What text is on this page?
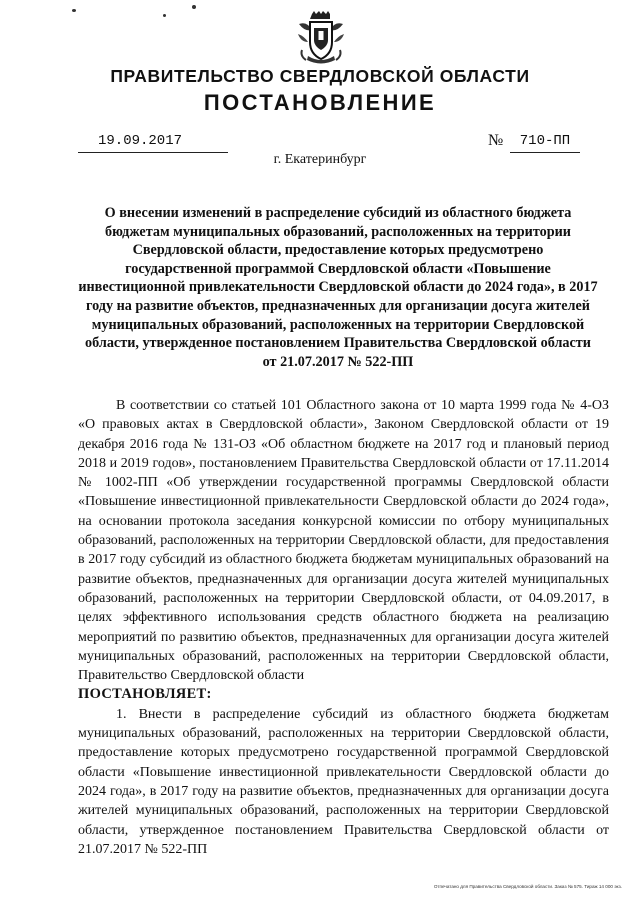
ПРАВИТЕЛЬСТВО СВЕРДЛОВСКОЙ ОБЛАСТИ
ПОСТАНОВЛЕНИЕ
19.09.2017	№	710-ПП
г. Екатеринбург
О внесении изменений в распределение субсидий из областного бюджета бюджетам муниципальных образований, расположенных на территории Свердловской области, предоставление которых предусмотрено государственной программой Свердловской области «Повышение инвестиционной привлекательности Свердловской области до 2024 года», в 2017 году на развитие объектов, предназначенных для организации досуга жителей муниципальных образований, расположенных на территории Свердловской области, утвержденное постановлением Правительства Свердловской области от 21.07.2017 № 522-ПП

В соответствии со статьей 101 Областного закона от 10 марта 1999 года № 4-ОЗ «О правовых актах в Свердловской области», Законом Свердловской области от 19 декабря 2016 года № 131-ОЗ «Об областном бюджете на 2017 год и плановый период 2018 и 2019 годов», постановлением Правительства Свердловской области от 17.11.2014 № 1002-ПП «Об утверждении государственной программы Свердловской области «Повышение инвестиционной привлекательности Свердловской области до 2024 года», на основании протокола заседания конкурсной комиссии по отбору муниципальных образований, расположенных на территории Свердловской области, для предоставления в 2017 году субсидий из областного бюджета бюджетам муниципальных образований на развитие объектов, предназначенных для организации досуга жителей муниципальных образований, расположенных на территории Свердловской области, от 04.09.2017, в целях эффективного использования средств областного бюджета на реализацию мероприятий по развитию объектов, предназначенных для организации досуга жителей муниципальных образований, расположенных на территории Свердловской области, Правительство Свердловской области

ПОСТАНОВЛЯЕТ:

1. Внести в распределение субсидий из областного бюджета бюджетам муниципальных образований, расположенных на территории Свердловской области, предоставление которых предусмотрено государственной программой Свердловской области «Повышение инвестиционной привлекательности Свердловской области до 2024 года», в 2017 году на развитие объектов, предназначенных для организации досуга жителей муниципальных образований, расположенных на территории Свердловской области, утвержденное постановлением Правительства Свердловской области от 21.07.2017 № 522-ПП

Отпечатано для Правительства Свердловской области. Заказ № 575. Тираж 14 000 экз.
